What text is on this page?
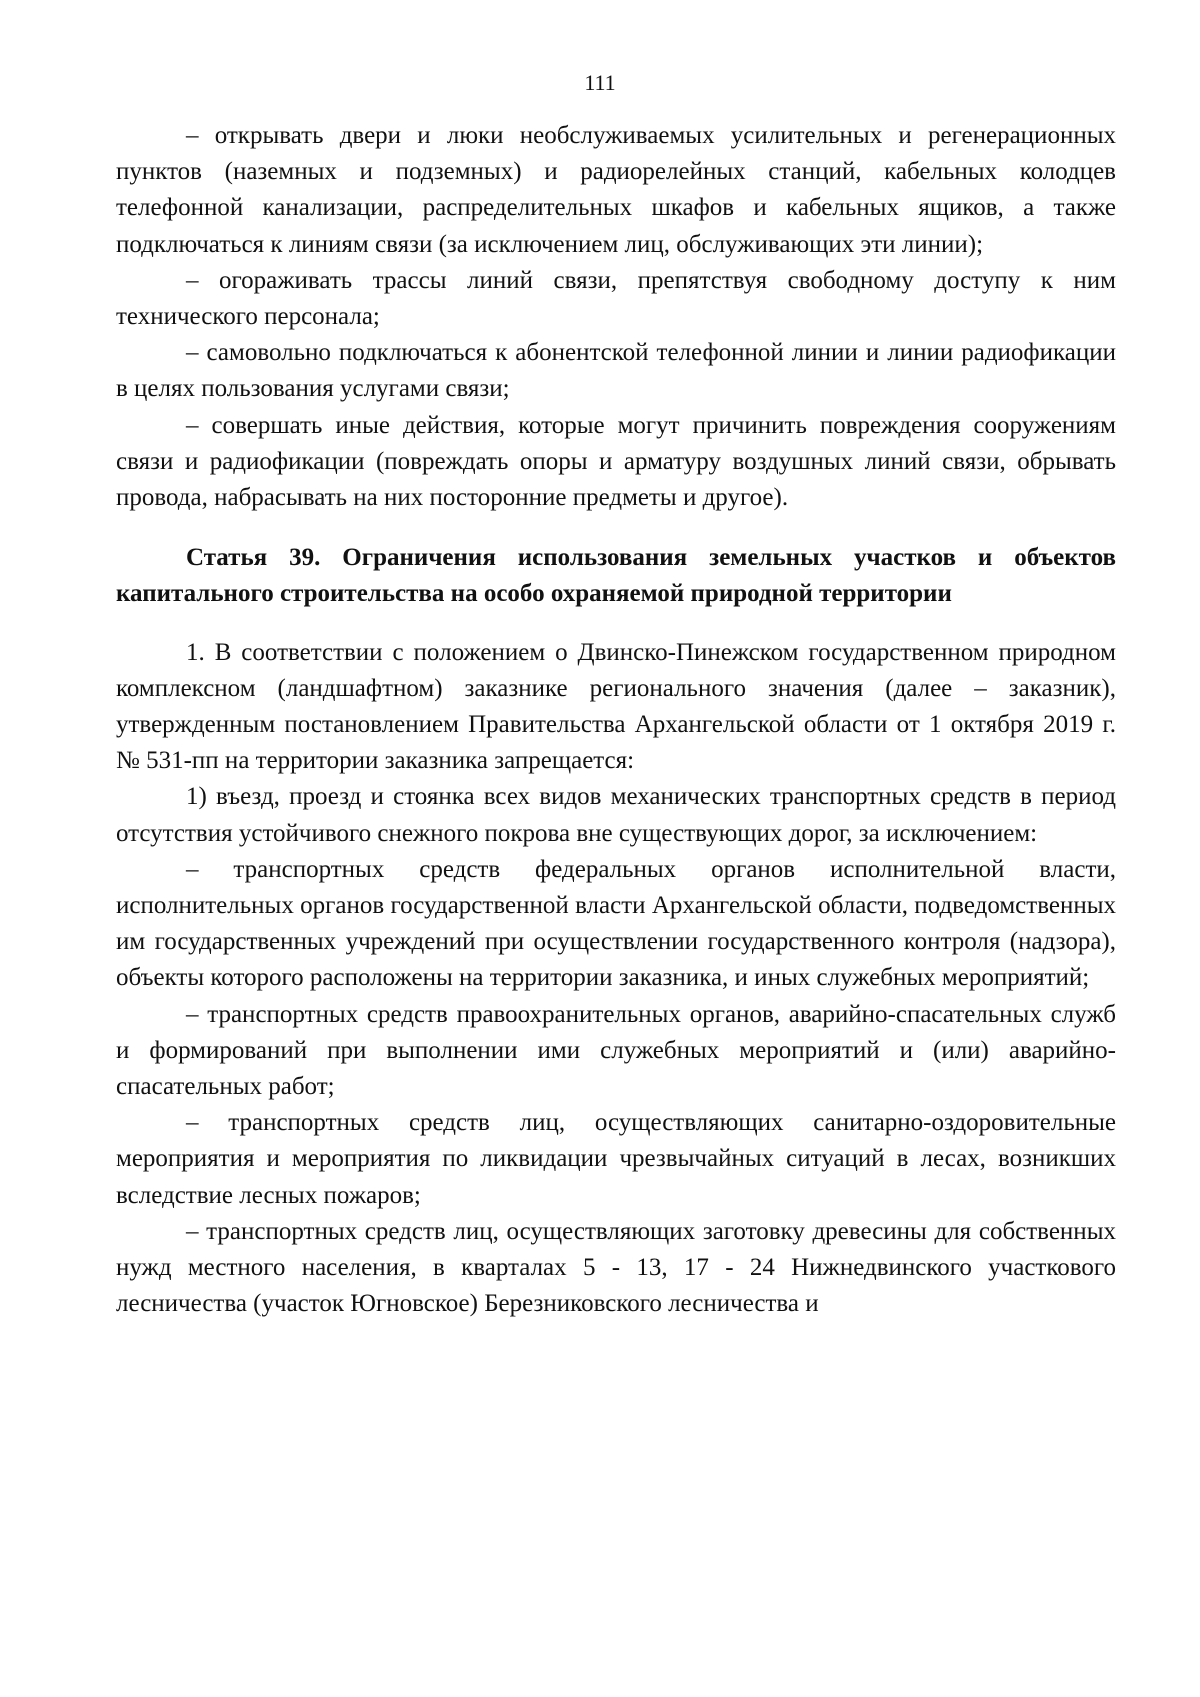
111

– открывать двери и люки необслуживаемых усилительных и регенерационных пунктов (наземных и подземных) и радиорелейных станций, кабельных колодцев телефонной канализации, распределительных шкафов и кабельных ящиков, а также подключаться к линиям связи (за исключением лиц, обслуживающих эти линии);

– огораживать трассы линий связи, препятствуя свободному доступу к ним технического персонала;

– самовольно подключаться к абонентской телефонной линии и линии радиофикации в целях пользования услугами связи;

– совершать иные действия, которые могут причинить повреждения сооружениям связи и радиофикации (повреждать опоры и арматуру воздушных линий связи, обрывать провода, набрасывать на них посторонние предметы и другое).

Статья 39. Ограничения использования земельных участков и объектов капитального строительства на особо охраняемой природной территории

1. В соответствии с положением о Двинско-Пинежском государственном природном комплексном (ландшафтном) заказнике регионального значения (далее – заказник), утвержденным постановлением Правительства Архангельской области от 1 октября 2019 г. № 531-пп на территории заказника запрещается:

1) въезд, проезд и стоянка всех видов механических транспортных средств в период отсутствия устойчивого снежного покрова вне существующих дорог, за исключением:

– транспортных средств федеральных органов исполнительной власти, исполнительных органов государственной власти Архангельской области, подведомственных им государственных учреждений при осуществлении государственного контроля (надзора), объекты которого расположены на территории заказника, и иных служебных мероприятий;

– транспортных средств правоохранительных органов, аварийно-спасательных служб и формирований при выполнении ими служебных мероприятий и (или) аварийно-спасательных работ;

– транспортных средств лиц, осуществляющих санитарно-оздоровительные мероприятия и мероприятия по ликвидации чрезвычайных ситуаций в лесах, возникших вследствие лесных пожаров;

– транспортных средств лиц, осуществляющих заготовку древесины для собственных нужд местного населения, в кварталах 5 - 13, 17 - 24 Нижнедвинского участкового лесничества (участок Югновское) Березниковского лесничества и
